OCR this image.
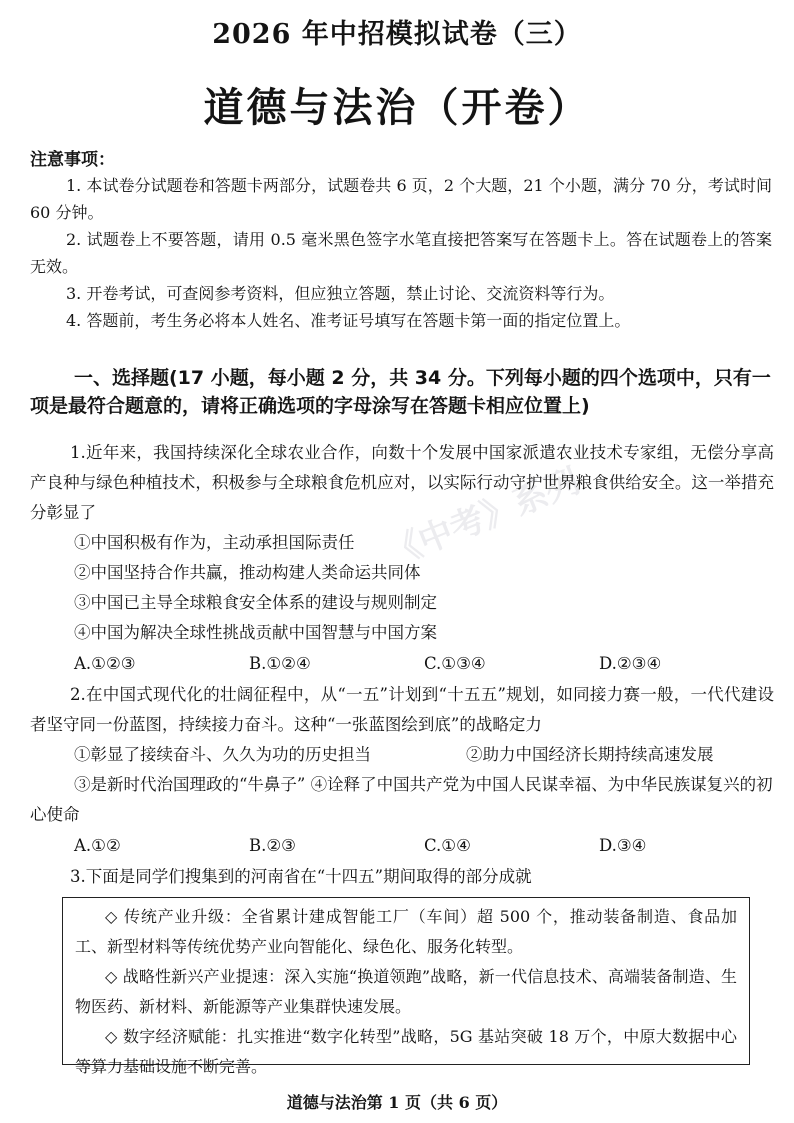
2026 年中招模拟试卷（三）
道德与法治（开卷）
注意事项：
1. 本试卷分试题卷和答题卡两部分，试题卷共 6 页，2 个大题，21 个小题，满分 70 分，考试时间 60 分钟。
2. 试题卷上不要答题，请用 0.5 毫米黑色签字水笔直接把答案写在答题卡上。答在试题卷上的答案无效。
3. 开卷考试，可查阅参考资料，但应独立答题，禁止讨论、交流资料等行为。
4. 答题前，考生务必将本人姓名、准考证号填写在答题卡第一面的指定位置上。
一、选择题(17 小题，每小题 2 分，共 34 分。下列每小题的四个选项中，只有一项是最符合题意的，请将正确选项的字母涂写在答题卡相应位置上)
《中考》系列
1.近年来，我国持续深化全球农业合作，向数十个发展中国家派遣农业技术专家组，无偿分享高产良种与绿色种植技术，积极参与全球粮食危机应对，以实际行动守护世界粮食供给安全。这一举措充分彰显了
①中国积极有作为，主动承担国际责任
②中国坚持合作共赢，推动构建人类命运共同体
③中国已主导全球粮食安全体系的建设与规则制定
④中国为解决全球性挑战贡献中国智慧与中国方案
A.①②③	B.①②④	C.①③④	D.②③④
2.在中国式现代化的壮阔征程中，从“一五”计划到“十五五”规划，如同接力赛一般，一代代建设者坚守同一份蓝图，持续接力奋斗。这种“一张蓝图绘到底”的战略定力
①彰显了接续奋斗、久久为功的历史担当	②助力中国经济长期持续高速发展
③是新时代治国理政的“牛鼻子” ④诠释了中国共产党为中国人民谋幸福、为中华民族谋复兴的初心使命
A.①②	B.②③	C.①④	D.③④
3.下面是同学们搜集到的河南省在“十四五”期间取得的部分成就
◇ 传统产业升级：全省累计建成智能工厂（车间）超 500 个，推动装备制造、食品加工、新型材料等传统优势产业向智能化、绿色化、服务化转型。
◇ 战略性新兴产业提速：深入实施“换道领跑”战略，新一代信息技术、高端装备制造、生物医药、新材料、新能源等产业集群快速发展。
◇ 数字经济赋能：扎实推进“数字化转型”战略，5G 基站突破 18 万个，中原大数据中心等算力基础设施不断完善。
道德与法治第 1 页（共 6 页）
